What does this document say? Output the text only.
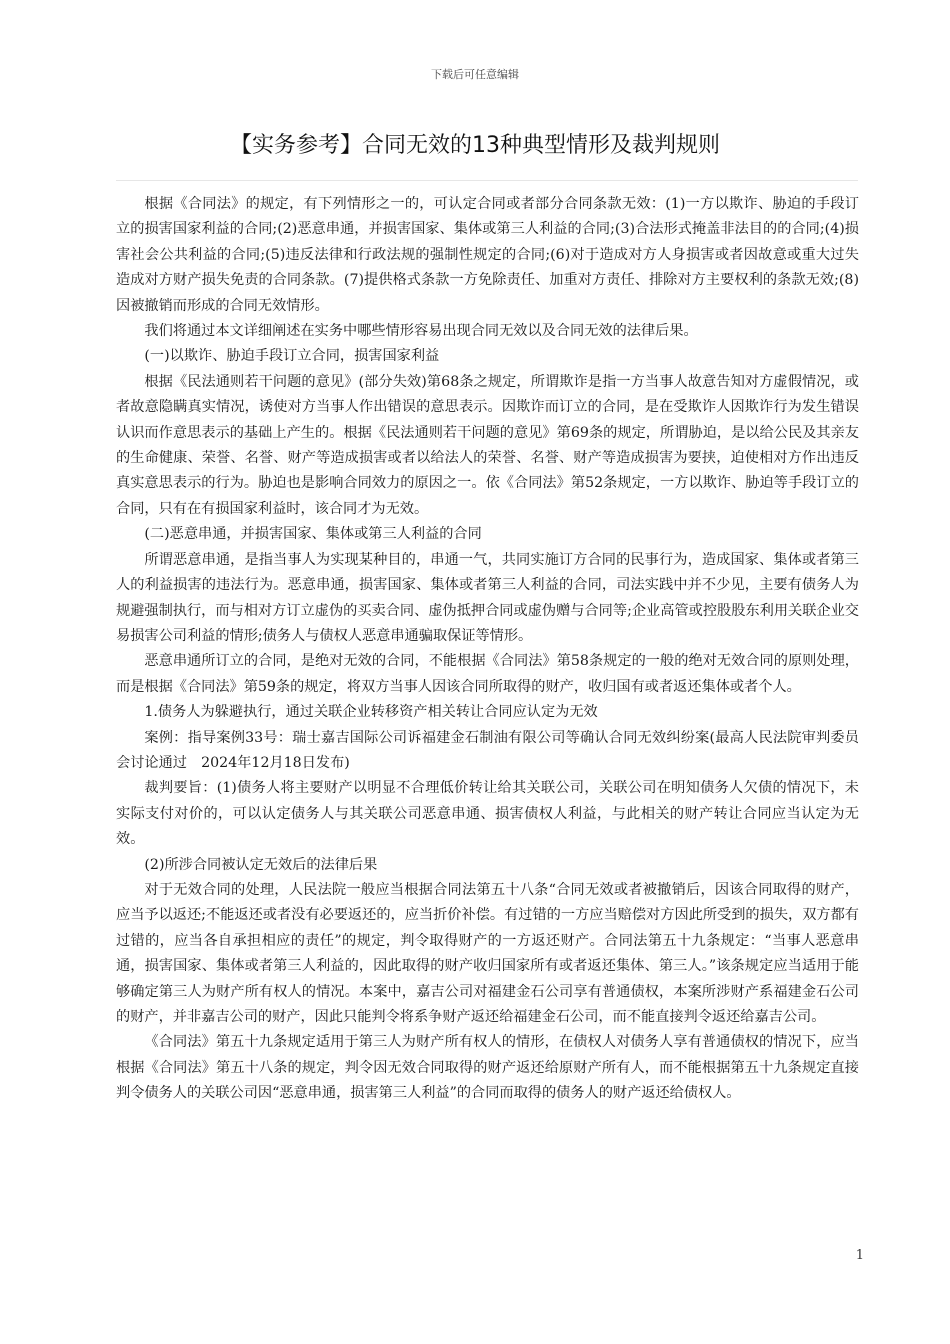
下载后可任意编辑
【实务参考】合同无效的13种典型情形及裁判规则

根据《合同法》的规定，有下列情形之一的，可认定合同或者部分合同条款无效：(1)一方以欺诈、胁迫的手段订立的损害国家利益的合同;(2)恶意串通，并损害国家、集体或第三人利益的合同;(3)合法形式掩盖非法目的的合同;(4)损害社会公共利益的合同;(5)违反法律和行政法规的强制性规定的合同;(6)对于造成对方人身损害或者因故意或重大过失造成对方财产损失免责的合同条款。(7)提供格式条款一方免除责任、加重对方责任、排除对方主要权利的条款无效;(8)因被撤销而形成的合同无效情形。

我们将通过本文详细阐述在实务中哪些情形容易出现合同无效以及合同无效的法律后果。

(一)以欺诈、胁迫手段订立合同，损害国家利益

根据《民法通则若干问题的意见》(部分失效)第68条之规定，所谓欺诈是指一方当事人故意告知对方虚假情况，或者故意隐瞒真实情况，诱使对方当事人作出错误的意思表示。因欺诈而订立的合同，是在受欺诈人因欺诈行为发生错误认识而作意思表示的基础上产生的。根据《民法通则若干问题的意见》第69条的规定，所谓胁迫，是以给公民及其亲友的生命健康、荣誉、名誉、财产等造成损害或者以给法人的荣誉、名誉、财产等造成损害为要挟，迫使相对方作出违反真实意思表示的行为。胁迫也是影响合同效力的原因之一。依《合同法》第52条规定，一方以欺诈、胁迫等手段订立的合同，只有在有损国家利益时，该合同才为无效。

(二)恶意串通，并损害国家、集体或第三人利益的合同

所谓恶意串通，是指当事人为实现某种目的，串通一气，共同实施订方合同的民事行为，造成国家、集体或者第三人的利益损害的违法行为。恶意串通，损害国家、集体或者第三人利益的合同，司法实践中并不少见，主要有债务人为规避强制执行，而与相对方订立虚伪的买卖合同、虚伪抵押合同或虚伪赠与合同等;企业高管或控股股东利用关联企业交易损害公司利益的情形;债务人与债权人恶意串通骗取保证等情形。

恶意串通所订立的合同，是绝对无效的合同，不能根据《合同法》第58条规定的一般的绝对无效合同的原则处理，而是根据《合同法》第59条的规定，将双方当事人因该合同所取得的财产，收归国有或者返还集体或者个人。

1.债务人为躲避执行，通过关联企业转移资产相关转让合同应认定为无效

案例：指导案例33号：瑞士嘉吉国际公司诉福建金石制油有限公司等确认合同无效纠纷案(最高人民法院审判委员会讨论通过　2024年12月18日发布)

裁判要旨：(1)债务人将主要财产以明显不合理低价转让给其关联公司，关联公司在明知债务人欠债的情况下，未实际支付对价的，可以认定债务人与其关联公司恶意串通、损害债权人利益，与此相关的财产转让合同应当认定为无效。

(2)所涉合同被认定无效后的法律后果

对于无效合同的处理，人民法院一般应当根据合同法第五十八条“合同无效或者被撤销后，因该合同取得的财产，应当予以返还;不能返还或者没有必要返还的，应当折价补偿。有过错的一方应当赔偿对方因此所受到的损失，双方都有过错的，应当各自承担相应的责任”的规定，判令取得财产的一方返还财产。合同法第五十九条规定：“当事人恶意串通，损害国家、集体或者第三人利益的，因此取得的财产收归国家所有或者返还集体、第三人。”该条规定应当适用于能够确定第三人为财产所有权人的情况。本案中，嘉吉公司对福建金石公司享有普通债权，本案所涉财产系福建金石公司的财产，并非嘉吉公司的财产，因此只能判令将系争财产返还给福建金石公司，而不能直接判令返还给嘉吉公司。

《合同法》第五十九条规定适用于第三人为财产所有权人的情形，在债权人对债务人享有普通债权的情况下，应当根据《合同法》第五十八条的规定，判令因无效合同取得的财产返还给原财产所有人，而不能根据第五十九条规定直接判令债务人的关联公司因“恶意串通，损害第三人利益”的合同而取得的债务人的财产返还给债权人。

1
